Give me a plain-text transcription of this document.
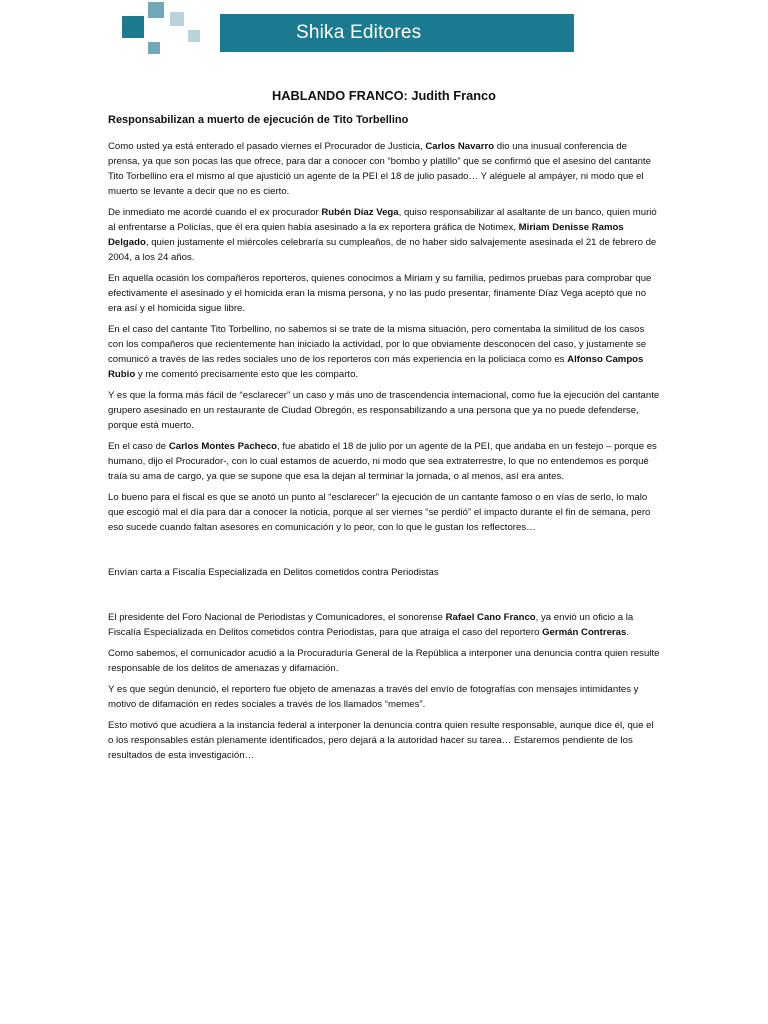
Shika Editores
HABLANDO FRANCO: Judith Franco
Responsabilizan a muerto de ejecución de Tito Torbellino

Como usted ya está enterado el pasado viernes el Procurador de Justicia, Carlos Navarro dio una inusual conferencia de prensa, ya que son pocas las que ofrece, para dar a conocer con “bombo y platillo” que se confirmó que el asesino del cantante Tito Torbellino era el mismo al que ajustició un agente de la PEI el 18 de julio pasado… Y aléguele al ampáyer, ni modo que el muerto se levante a decir que no es cierto.

De inmediato me acordé cuando el ex procurador Rubén Díaz Vega, quiso responsabilizar al asaltante de un banco, quien murió al enfrentarse a Policías, que él era quien había asesinado a la ex reportera gráfica de Notimex, Miriam Denisse Ramos Delgado, quien justamente el miércoles celebraría su cumpleaños, de no haber sido salvajemente asesinada el 21 de febrero de 2004, a los 24 años.

En aquella ocasión los compañeros reporteros, quienes conocimos a Miriam y su familia, pedimos pruebas para comprobar que efectivamente el asesinado y el homicida eran la misma persona, y no las pudo presentar, finamente Díaz Vega aceptó que no era así y el homicida sigue libre.

En el caso del cantante Tito Torbellino, no sabemos si se trate de la misma situación, pero comentaba la similitud de los casos con los compañeros que recientemente han iniciado la actividad, por lo que obviamente desconocen del caso, y justamente se comunicó a través de las redes sociales uno de los reporteros con más experiencia en la policiaca como es Alfonso Campos Rubio y me comentó precisamente esto que les comparto.

Y es que la forma más fácil de “esclarecer” un caso y más uno de trascendencia internacional, como fue la ejecución del cantante grupero asesinado en un restaurante de Ciudad Obregón, es responsabilizando a una persona que ya no puede defenderse, porque está muerto.

En el caso de Carlos Montes Pacheco, fue abatido el 18 de julio por un agente de la PEI, que andaba en un festejo – porque es humano, dijo el Procurador-, con lo cual estamos de acuerdo, ni modo que sea extraterrestre, lo que no entendemos es porqué traía su ama de cargo, ya que se supone que esa la dejan al terminar la jornada, o al menos, así era antes.

Lo bueno para el fiscal es que se anotó un punto al “esclarecer” la ejecución de un cantante famoso o en vías de serlo, lo malo que escogió mal el día para dar a conocer la noticia, porque al ser viernes “se perdió” el impacto durante el fin de semana, pero eso sucede cuando faltan asesores en comunicación y lo peor, con lo que le gustan los reflectores…

Envían carta a Fiscalía Especializada en Delitos cometidos contra Periodistas

El presidente del Foro Nacional de Periodistas y Comunicadores, el sonorense Rafael Cano Franco, ya envió un oficio a la Fiscalía Especializada en Delitos cometidos contra Periodistas, para que atraiga el caso del reportero Germán Contreras.

Como sabemos, el comunicador acudió a la Procuraduría General de la República a interponer una denuncia contra quien resulte responsable de los delitos de amenazas y difamación.

Y es que según denunció, el reportero fue objeto de amenazas a través del envío de fotografías con mensajes intimidantes y motivo de difamación en redes sociales a través de los llamados “memes”.

Esto motivó que acudiera a la instancia federal a interponer la denuncia contra quien resulte responsable, aunque dice él, que el o los responsables están plenamente identificados, pero dejará a la autoridad hacer su tarea… Estaremos pendiente de los resultados de esta investigación…
